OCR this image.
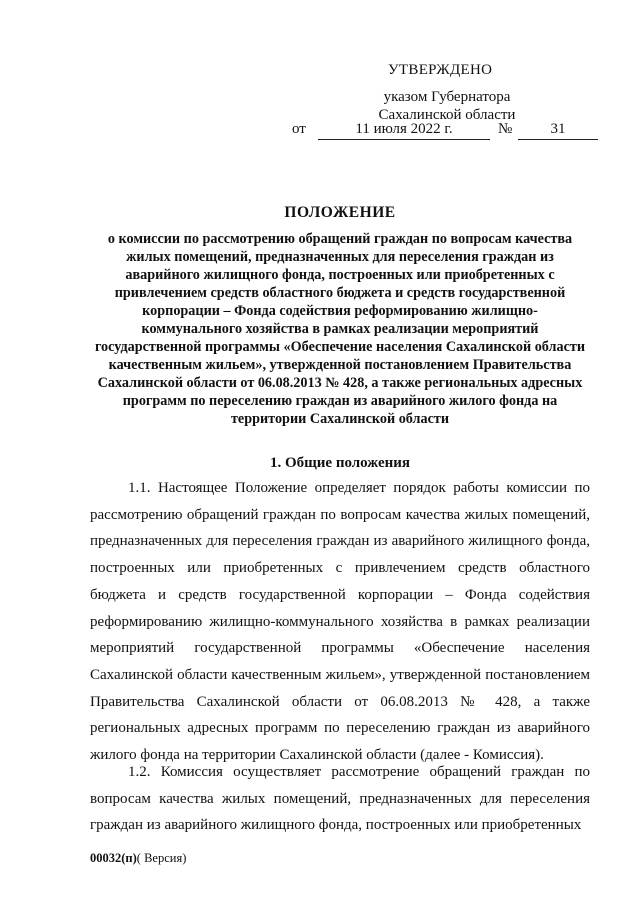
УТВЕРЖДЕНО
указом Губернатора
Сахалинской области
от	11 июля 2022 г.	№	31
ПОЛОЖЕНИЕ
о комиссии по рассмотрению обращений граждан по вопросам качества жилых помещений, предназначенных для переселения граждан из аварийного жилищного фонда, построенных или приобретенных с привлечением средств областного бюджета и средств государственной корпорации – Фонда содействия реформированию жилищно-коммунального хозяйства в рамках реализации мероприятий государственной программы «Обеспечение населения Сахалинской области качественным жильем», утвержденной постановлением Правительства Сахалинской области от 06.08.2013 № 428, а также региональных адресных программ по переселению граждан из аварийного жилого фонда на территории Сахалинской области
1. Общие положения

1.1. Настоящее Положение определяет порядок работы комиссии по рассмотрению обращений граждан по вопросам качества жилых помещений, предназначенных для переселения граждан из аварийного жилищного фонда, построенных или приобретенных с привлечением средств областного бюджета и средств государственной корпорации – Фонда содействия реформированию жилищно-коммунального хозяйства в рамках реализации мероприятий государственной программы «Обеспечение населения Сахалинской области качественным жильем», утвержденной постановлением Правительства Сахалинской области от 06.08.2013 № 428, а также региональных адресных программ по переселению граждан из аварийного жилого фонда на территории Сахалинской области (далее - Комиссия).

1.2. Комиссия осуществляет рассмотрение обращений граждан по вопросам качества жилых помещений, предназначенных для переселения граждан из аварийного жилищного фонда, построенных или приобретенных

00032(п)( Версия)
